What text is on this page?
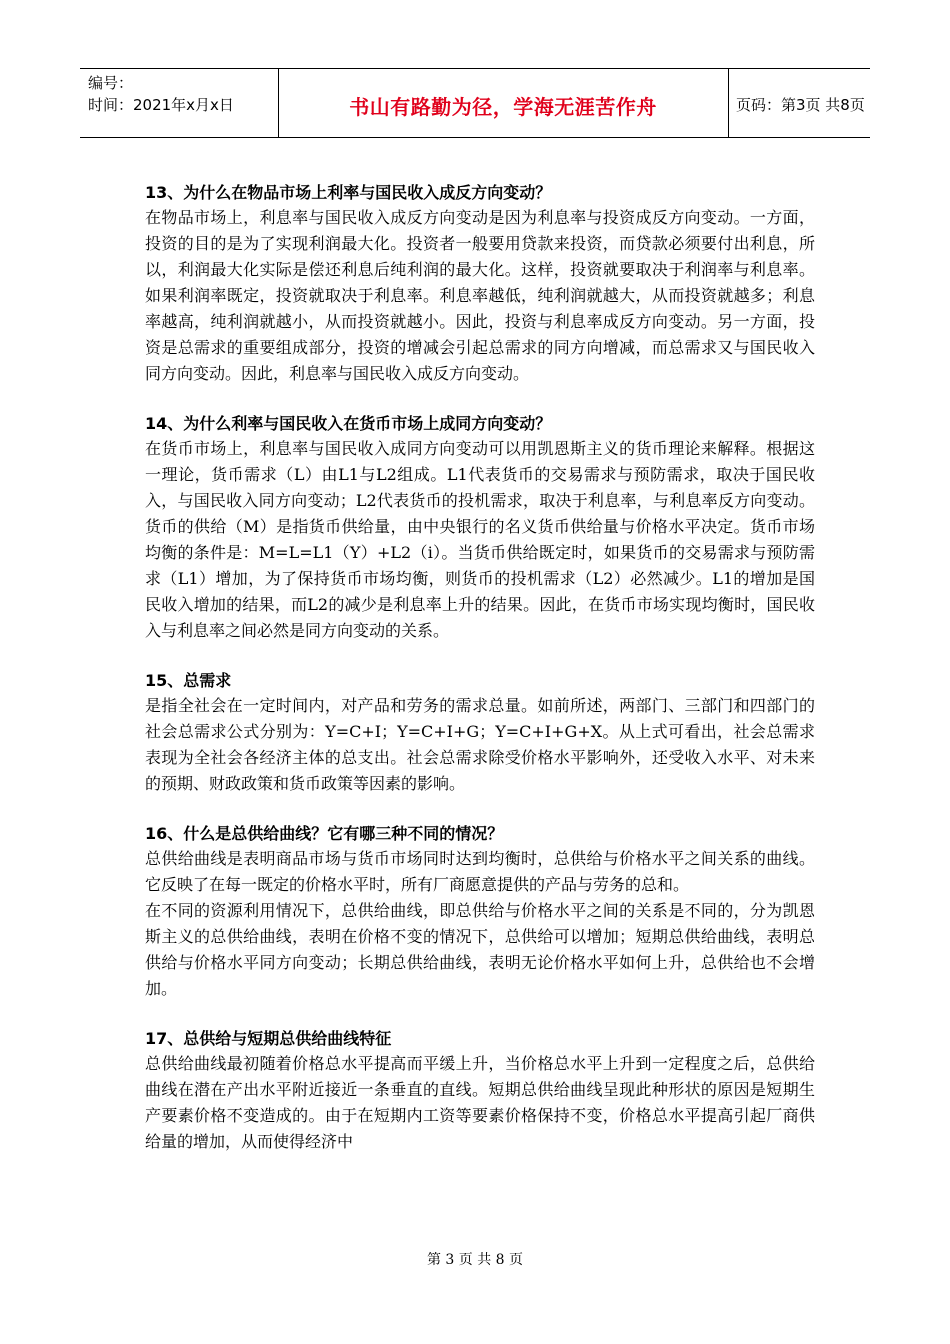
编号：
时间：2021年x月x日	书山有路勤为径，学海无涯苦作舟	页码：第3页 共8页

13、为什么在物品市场上利率与国民收入成反方向变动？

在物品市场上，利息率与国民收入成反方向变动是因为利息率与投资成反方向变动。一方面，投资的目的是为了实现利润最大化。投资者一般要用贷款来投资，而贷款必须要付出利息，所以，利润最大化实际是偿还利息后纯利润的最大化。这样，投资就要取决于利润率与利息率。如果利润率既定，投资就取决于利息率。利息率越低，纯利润就越大，从而投资就越多；利息率越高，纯利润就越小，从而投资就越小。因此，投资与利息率成反方向变动。另一方面，投资是总需求的重要组成部分，投资的增减会引起总需求的同方向增减，而总需求又与国民收入同方向变动。因此，利息率与国民收入成反方向变动。

14、为什么利率与国民收入在货币市场上成同方向变动？

在货币市场上，利息率与国民收入成同方向变动可以用凯恩斯主义的货币理论来解释。根据这一理论，货币需求（L）由L1与L2组成。L1代表货币的交易需求与预防需求，取决于国民收入，与国民收入同方向变动；L2代表货币的投机需求，取决于利息率，与利息率反方向变动。货币的供给（M）是指货币供给量，由中央银行的名义货币供给量与价格水平决定。货币市场均衡的条件是：M=L=L1（Y）+L2（i）。当货币供给既定时，如果货币的交易需求与预防需求（L1）增加，为了保持货币市场均衡，则货币的投机需求（L2）必然减少。L1的增加是国民收入增加的结果，而L2的减少是利息率上升的结果。因此，在货币市场实现均衡时，国民收入与利息率之间必然是同方向变动的关系。

15、总需求

是指全社会在一定时间内，对产品和劳务的需求总量。如前所述，两部门、三部门和四部门的社会总需求公式分别为：Y=C+I；Y=C+I+G；Y=C+I+G+X。从上式可看出，社会总需求表现为全社会各经济主体的总支出。社会总需求除受价格水平影响外，还受收入水平、对未来的预期、财政政策和货币政策等因素的影响。

16、什么是总供给曲线？它有哪三种不同的情况？

总供给曲线是表明商品市场与货币市场同时达到均衡时，总供给与价格水平之间关系的曲线。它反映了在每一既定的价格水平时，所有厂商愿意提供的产品与劳务的总和。

在不同的资源利用情况下，总供给曲线，即总供给与价格水平之间的关系是不同的，分为凯恩斯主义的总供给曲线，表明在价格不变的情况下，总供给可以增加；短期总供给曲线，表明总供给与价格水平同方向变动；长期总供给曲线，表明无论价格水平如何上升，总供给也不会增加。

17、总供给与短期总供给曲线特征

总供给曲线最初随着价格总水平提高而平缓上升，当价格总水平上升到一定程度之后，总供给曲线在潜在产出水平附近接近一条垂直的直线。短期总供给曲线呈现此种形状的原因是短期生产要素价格不变造成的。由于在短期内工资等要素价格保持不变，价格总水平提高引起厂商供给量的增加，从而使得经济中

第 3 页 共 8 页
